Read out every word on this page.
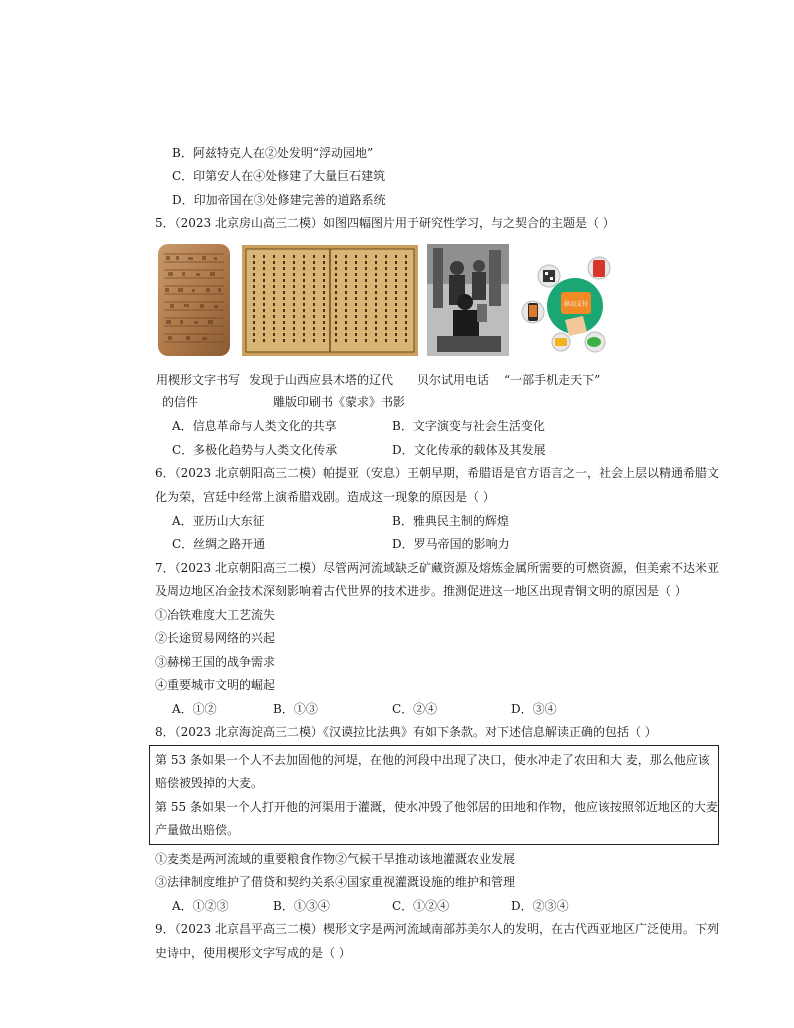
B．阿兹特克人在②处发明“浮动园地”
C．印第安人在④处修建了大量巨石建筑
D．印加帝国在③处修建完善的道路系统
5．（2023 北京房山高三二模）如图四幅图片用于研究性学习，与之契合的主题是（ ）
移动支付
用楔形文字书写
的信件
发现于山西应县木塔的辽代
雕版印刷书《蒙求》书影
贝尔试用电话 “一部手机走天下”
A．信息革命与人类文化的共享	B．文字演变与社会生活变化
C．多极化趋势与人类文化传承	D．文化传承的载体及其发展
6．（2023 北京朝阳高三二模）帕提亚（安息）王朝早期，希腊语是官方语言之一，社会上层以精通希腊文
化为荣，宫廷中经常上演希腊戏剧。造成这一现象的原因是（ ）
A．亚历山大东征	B．雅典民主制的辉煌
C．丝绸之路开通	D．罗马帝国的影响力
7．（2023 北京朝阳高三二模）尽管两河流域缺乏矿藏资源及熔炼金属所需要的可燃资源，但美索不达米亚
及周边地区冶金技术深刻影响着古代世界的技术进步。推测促进这一地区出现青铜文明的原因是（ ）
①冶铁难度大工艺流失
②长途贸易网络的兴起
③赫梯王国的战争需求
④重要城市文明的崛起
A．①②	B．①③	C．②④	D．③④
8．（2023 北京海淀高三二模）《汉谟拉比法典》有如下条款。对下述信息解读正确的包括（ ）
第 53 条如果一个人不去加固他的河堤，在他的河段中出现了决口，使水冲走了农田和大 麦，那么他应该
赔偿被毁掉的大麦。
第 55 条如果一个人打开他的河渠用于灌溉，使水冲毁了他邻居的田地和作物，他应该按照邻近地区的大麦
产量做出赔偿。
①麦类是两河流域的重要粮食作物②气候干旱推动该地灌溉农业发展
③法律制度维护了借贷和契约关系④国家重视灌溉设施的维护和管理
A．①②③	B．①③④	C．①②④	D．②③④
9．（2023 北京昌平高三二模）楔形文字是两河流域南部苏美尔人的发明，在古代西亚地区广泛使用。下列
史诗中，使用楔形文字写成的是（ ）
